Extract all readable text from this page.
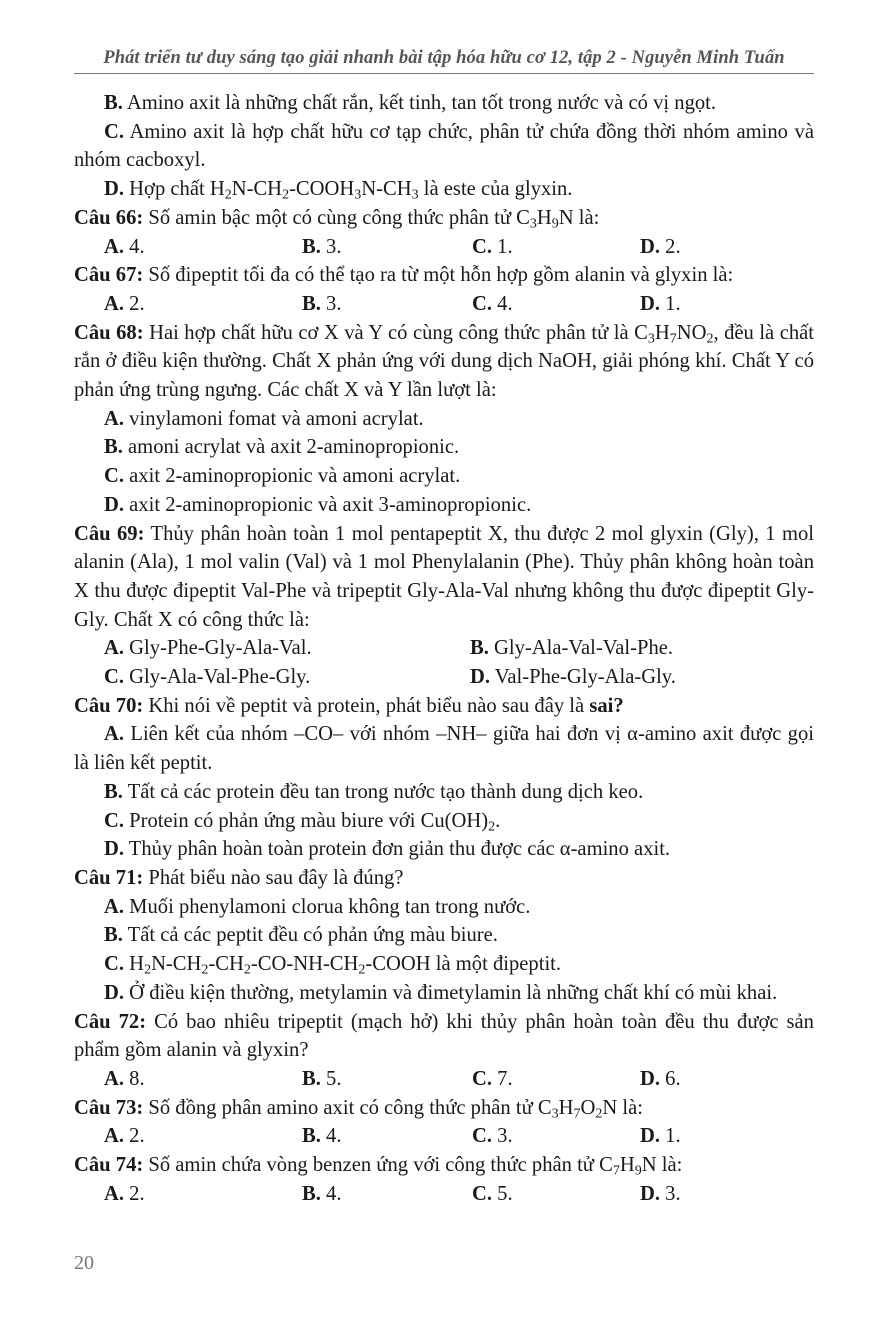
Phát triển tư duy sáng tạo giải nhanh bài tập hóa hữu cơ 12, tập 2 - Nguyễn Minh Tuấn

B. Amino axit là những chất rắn, kết tinh, tan tốt trong nước và có vị ngọt.

C. Amino axit là hợp chất hữu cơ tạp chức, phân tử chứa đồng thời nhóm amino và nhóm cacboxyl.

D. Hợp chất $H_2N-CH_2-COOH_3N-CH_3$ là este của glyxin.

Câu 66: Số amin bậc một có cùng công thức phân tử $C_3H_9N$ là:

A. 4.	B. 3.	C. 1.	D. 2.

Câu 67: Số đipeptit tối đa có thể tạo ra từ một hỗn hợp gồm alanin và glyxin là:

A. 2.	B. 3.	C. 4.	D. 1.

Câu 68: Hai hợp chất hữu cơ X và Y có cùng công thức phân tử là $C_3H_7NO_2$, đều là chất rắn ở điều kiện thường. Chất X phản ứng với dung dịch NaOH, giải phóng khí. Chất Y có phản ứng trùng ngưng. Các chất X và Y lần lượt là:

A. vinylamoni fomat và amoni acrylat.

B. amoni acrylat và axit 2-aminopropionic.

C. axit 2-aminopropionic và amoni acrylat.

D. axit 2-aminopropionic và axit 3-aminopropionic.

Câu 69: Thủy phân hoàn toàn 1 mol pentapeptit X, thu được 2 mol glyxin (Gly), 1 mol alanin (Ala), 1 mol valin (Val) và 1 mol Phenylalanin (Phe). Thủy phân không hoàn toàn X thu được đipeptit Val-Phe và tripeptit Gly-Ala-Val nhưng không thu được đipeptit Gly-Gly. Chất X có công thức là:

A. Gly-Phe-Gly-Ala-Val.	B. Gly-Ala-Val-Val-Phe.
C. Gly-Ala-Val-Phe-Gly.	D. Val-Phe-Gly-Ala-Gly.

Câu 70: Khi nói về peptit và protein, phát biểu nào sau đây là sai?

A. Liên kết của nhóm –CO– với nhóm –NH– giữa hai đơn vị α-amino axit được gọi là liên kết peptit.

B. Tất cả các protein đều tan trong nước tạo thành dung dịch keo.

C. Protein có phản ứng màu biure với $Cu(OH)_2$.

D. Thủy phân hoàn toàn protein đơn giản thu được các α-amino axit.

Câu 71: Phát biểu nào sau đây là đúng?

A. Muối phenylamoni clorua không tan trong nước.

B. Tất cả các peptit đều có phản ứng màu biure.

C. $H_2N-CH_2-CH_2-CO-NH-CH_2$-COOH là một đipeptit.

D. Ở điều kiện thường, metylamin và đimetylamin là những chất khí có mùi khai.

Câu 72: Có bao nhiêu tripeptit (mạch hở) khi thủy phân hoàn toàn đều thu được sản phẩm gồm alanin và glyxin?

A. 8.	B. 5.	C. 7.	D. 6.

Câu 73: Số đồng phân amino axit có công thức phân tử $C_3H_7O_2N$ là:

A. 2.	B. 4.	C. 3.	D. 1.

Câu 74: Số amin chứa vòng benzen ứng với công thức phân tử $C_7H_9N$ là:

A. 2.	B. 4.	C. 5.	D. 3.
20
